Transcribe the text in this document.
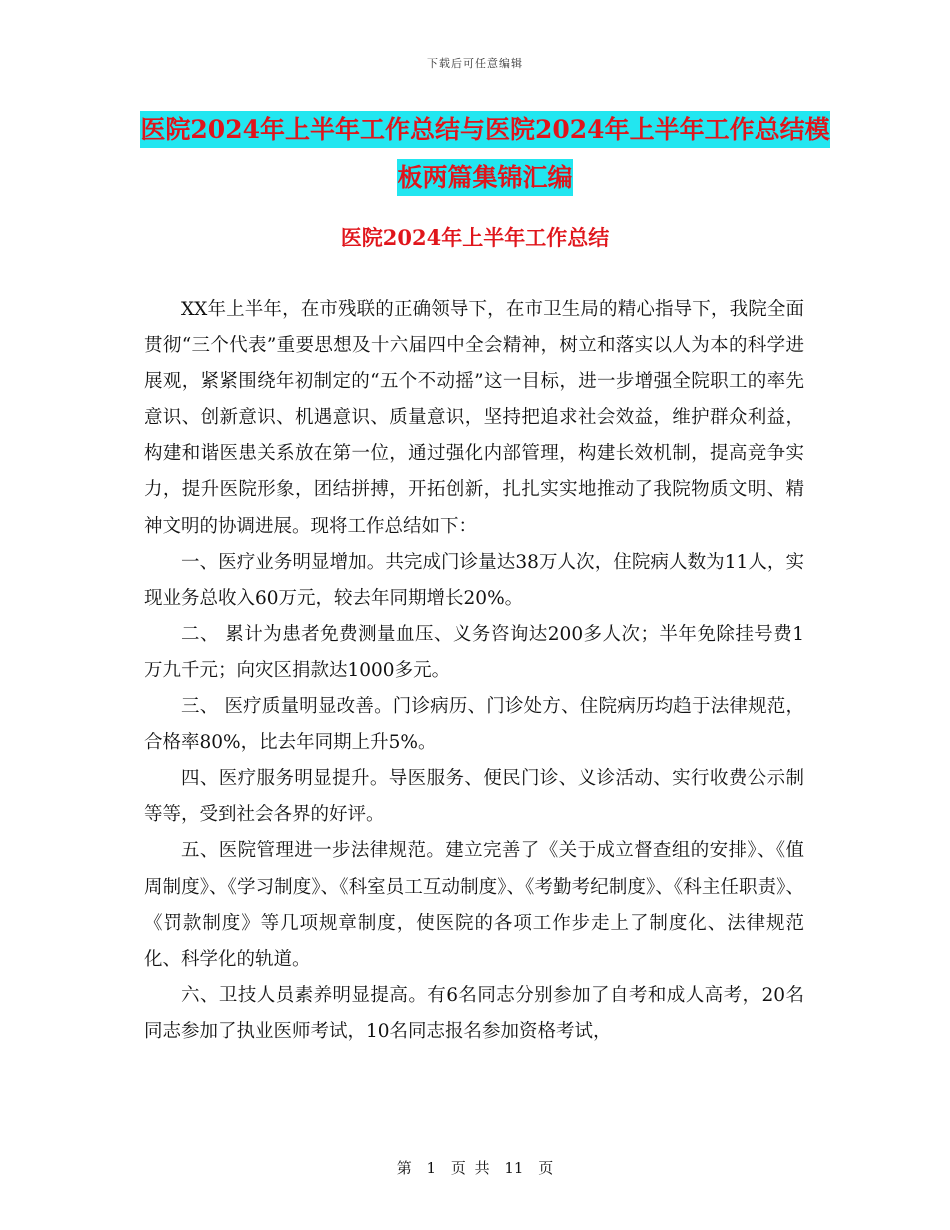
下载后可任意编辑
医院2024年上半年工作总结与医院2024年上半年工作总结模板两篇集锦汇编
医院2024年上半年工作总结

XX年上半年，在市残联的正确领导下，在市卫生局的精心指导下，我院全面贯彻“三个代表”重要思想及十六届四中全会精神，树立和落实以人为本的科学进展观，紧紧围绕年初制定的“五个不动摇”这一目标，进一步增强全院职工的率先意识、创新意识、机遇意识、质量意识，坚持把追求社会效益，维护群众利益，构建和谐医患关系放在第一位，通过强化内部管理，构建长效机制，提高竞争实力，提升医院形象，团结拼搏，开拓创新，扎扎实实地推动了我院物质文明、精神文明的协调进展。现将工作总结如下：

一、医疗业务明显增加。共完成门诊量达38万人次，住院病人数为11人，实现业务总收入60万元，较去年同期增长20%。

二、 累计为患者免费测量血压、义务咨询达200多人次；半年免除挂号费1万九千元；向灾区捐款达1000多元。

三、 医疗质量明显改善。门诊病历、门诊处方、住院病历均趋于法律规范，合格率80%，比去年同期上升5%。

四、医疗服务明显提升。导医服务、便民门诊、义诊活动、实行收费公示制等等，受到社会各界的好评。

五、医院管理进一步法律规范。建立完善了《关于成立督查组的安排》、《值周制度》、《学习制度》、《科室员工互动制度》、《考勤考纪制度》、《科主任职责》、《罚款制度》等几项规章制度，使医院的各项工作步走上了制度化、法律规范化、科学化的轨道。

六、卫技人员素养明显提高。有6名同志分别参加了自考和成人高考，20名同志参加了执业医师考试，10名同志报名参加资格考试，

第 1 页 共 11 页
